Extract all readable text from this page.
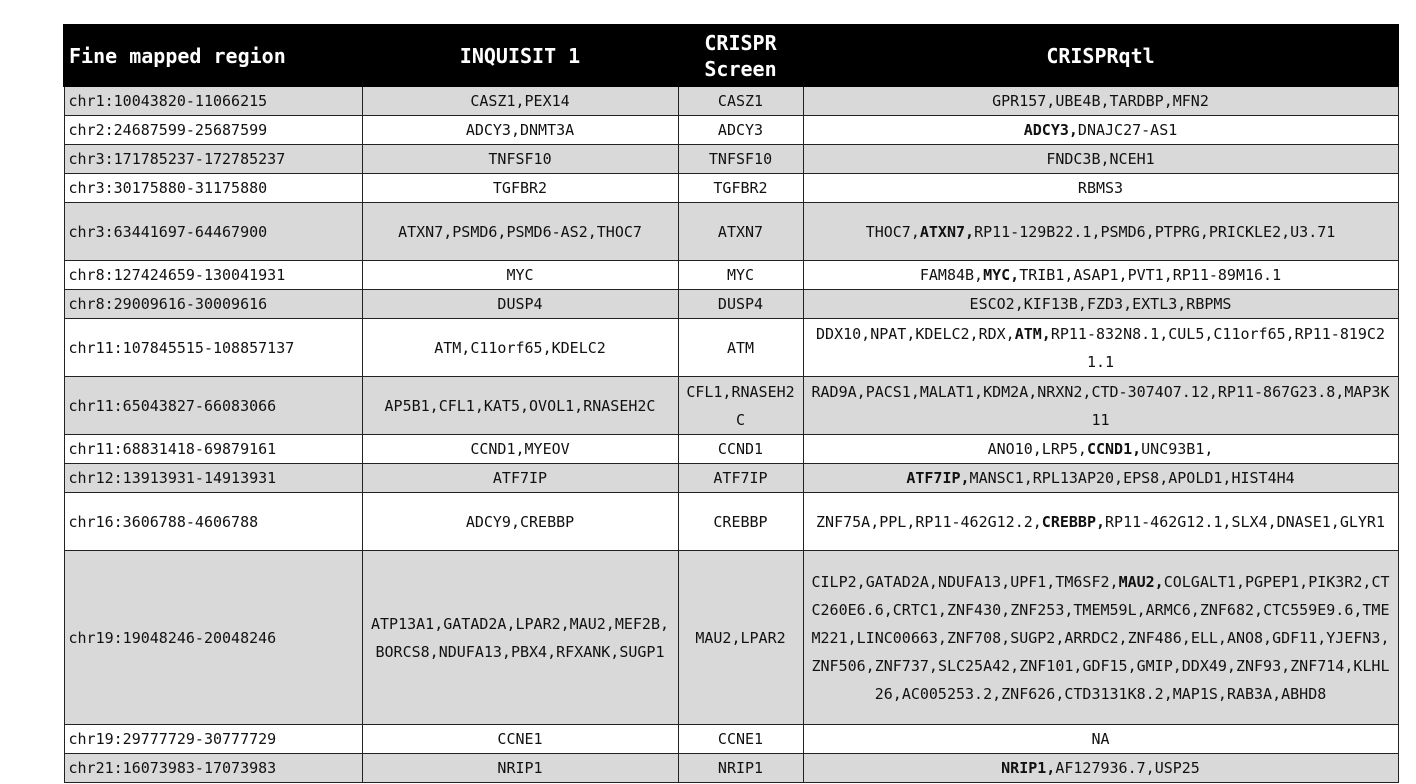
Fine mapped region	INQUISIT 1	CRISPR Screen	CRISPRqtl
chr1:10043820-11066215	CASZ1,PEX14	CASZ1	GPR157,UBE4B,TARDBP,MFN2
chr2:24687599-25687599	ADCY3,DNMT3A	ADCY3	ADCY3,DNAJC27-AS1
chr3:171785237-172785237	TNFSF10	TNFSF10	FNDC3B,NCEH1
chr3:30175880-31175880	TGFBR2	TGFBR2	RBMS3
chr3:63441697-64467900	ATXN7,PSMD6,PSMD6-AS2,THOC7	ATXN7	THOC7,ATXN7,RP11-129B22.1,PSMD6,PTPRG,PRICKLE2,U3.71
chr8:127424659-130041931	MYC	MYC	FAM84B,MYC,TRIB1,ASAP1,PVT1,RP11-89M16.1
chr8:29009616-30009616	DUSP4	DUSP4	ESCO2,KIF13B,FZD3,EXTL3,RBPMS
chr11:107845515-108857137	ATM,C11orf65,KDELC2	ATM	DDX10,NPAT,KDELC2,RDX,ATM,RP11-832N8.1,CUL5,C11orf65,RP11-819C21.1
chr11:65043827-66083066	AP5B1,CFL1,KAT5,OVOL1,RNASEH2C	CFL1,RNASEH2C	RAD9A,PACS1,MALAT1,KDM2A,NRXN2,CTD-3074O7.12,RP11-867G23.8,MAP3K11
chr11:68831418-69879161	CCND1,MYEOV	CCND1	ANO10,LRP5,CCND1,UNC93B1,
chr12:13913931-14913931	ATF7IP	ATF7IP	ATF7IP,MANSC1,RPL13AP20,EPS8,APOLD1,HIST4H4
chr16:3606788-4606788	ADCY9,CREBBP	CREBBP	ZNF75A,PPL,RP11-462G12.2,CREBBP,RP11-462G12.1,SLX4,DNASE1,GLYR1
chr19:19048246-20048246	ATP13A1,GATAD2A,LPAR2,MAU2,MEF2B,BORCS8,NDUFA13,PBX4,RFXANK,SUGP1	MAU2,LPAR2	CILP2,GATAD2A,NDUFA13,UPF1,TM6SF2,MAU2,COLGALT1,PGPEP1,PIK3R2,CTC260E6.6,CRTC1,ZNF430,ZNF253,TMEM59L,ARMC6,ZNF682,CTC559E9.6,TMEM221,LINC00663,ZNF708,SUGP2,ARRDC2,ZNF486,ELL,ANO8,GDF11,YJEFN3,ZNF506,ZNF737,SLC25A42,ZNF101,GDF15,GMIP,DDX49,ZNF93,ZNF714,KLHL26,AC005253.2,ZNF626,CTD3131K8.2,MAP1S,RAB3A,ABHD8
chr19:29777729-30777729	CCNE1	CCNE1	NA
chr21:16073983-17073983	NRIP1	NRIP1	NRIP1,AF127936.7,USP25
